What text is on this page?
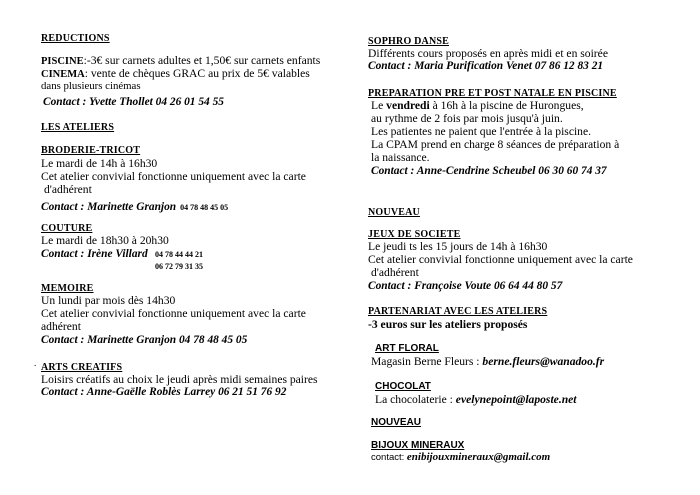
REDUCTIONS
PISCINE:-3€ sur carnets adultes et 1,50€ sur carnets enfants
CINEMA: vente de chèques GRAC au prix de 5€ valables
dans plusieurs cinémas
Contact : Yvette Thollet 04 26 01 54 55
LES ATELIERS
BRODERIE-TRICOT
Le mardi de 14h à 16h30
Cet atelier convivial fonctionne uniquement avec la carte
d'adhérent
Contact : Marinette Granjon 04 78 48 45 05
COUTURE
Le mardi de 18h30 à 20h30
Contact : Irène Villard 04 78 44 44 21
06 72 79 31 35
MEMOIRE
Un lundi par mois dès 14h30
Cet atelier convivial fonctionne uniquement avec la carte
adhérent
Contact : Marinette Granjon 04 78 48 45 05
. ARTS CREATIFS
Loisirs créatifs au choix le jeudi après midi semaines paires
Contact : Anne-Gaëlle Roblès Larrey 06 21 51 76 92
SOPHRO DANSE
Différents cours proposés en après midi et en soirée
Contact : Maria Purification Venet 07 86 12 83 21
PREPARATION PRE ET POST NATALE EN PISCINE
Le vendredi à 16h à la piscine de Hurongues,
au rythme de 2 fois par mois jusqu'à juin.
Les patientes ne paient que l'entrée à la piscine.
La CPAM prend en charge 8 séances de préparation à
la naissance.
Contact : Anne-Cendrine Scheubel 06 30 60 74 37
NOUVEAU
JEUX DE SOCIETE
Le jeudi ts les 15 jours de 14h à 16h30
Cet atelier convivial fonctionne uniquement avec la carte
d'adhérent
Contact : Françoise Voute 06 64 44 80 57
PARTENARIAT AVEC LES ATELIERS
-3 euros sur les ateliers proposés
ART FLORAL
Magasin Berne Fleurs : berne.fleurs@wanadoo.fr
CHOCOLAT
La chocolaterie : evelynepoint@laposte.net
NOUVEAU
BIJOUX MINERAUX
contact: enibijouxmineraux@gmail.com
